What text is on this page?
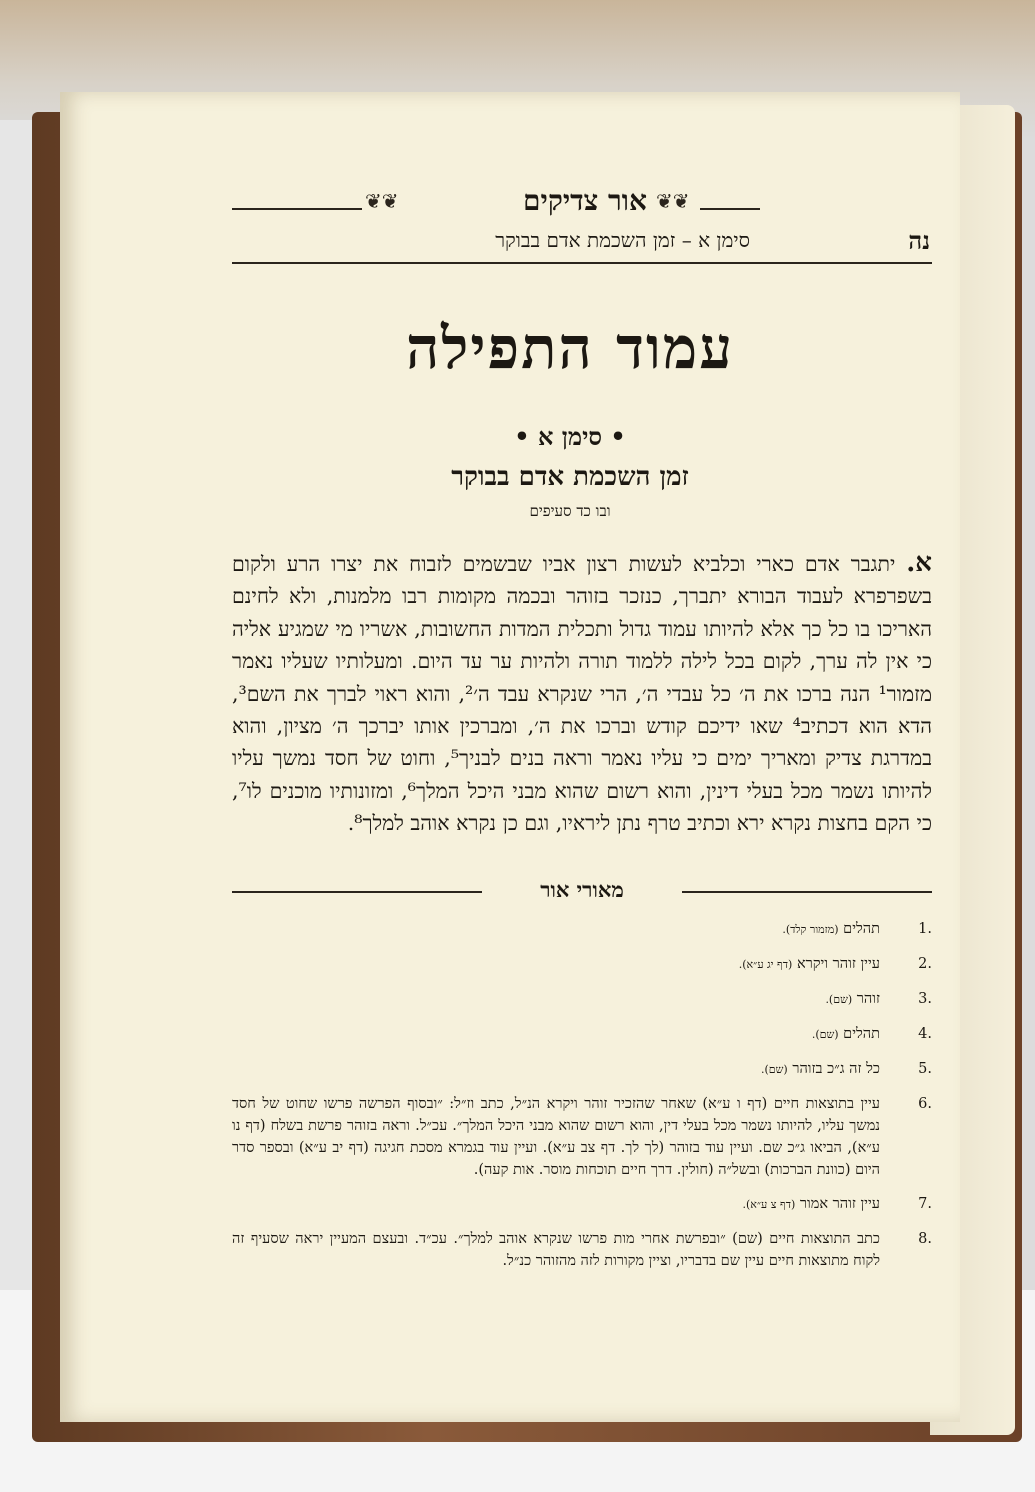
❦❦	אור צדיקים ❦❦
סימן א – זמן השכמת אדם בבוקר	נה
עמוד התפילה
• סימן א •
זמן השכמת אדם בבוקר
ובו כד סעיפים
א. יתגבר אדם כארי וכלביא לעשות רצון אביו שבשמים לזבוח את יצרו הרע ולקום בשפרפרא לעבוד הבורא יתברך, כנזכר בזוהר ובכמה מקומות רבו מלמנות, ולא לחינם האריכו בו כל כך אלא להיותו עמוד גדול ותכלית המדות החשובות, אשריו מי שמגיע אליה כי אין לה ערך, לקום בכל לילה ללמוד תורה ולהיות ער עד היום. ומעלותיו שעליו נאמר מזמור¹ הנה ברכו את ה׳ כל עבדי ה׳, הרי שנקרא עבד ה׳², והוא ראוי לברך את השם³, הדא הוא דכתיב⁴ שאו ידיכם קודש וברכו את ה׳, ומברכין אותו יברכך ה׳ מציון, והוא במדרגת צדיק ומאריך ימים כי עליו נאמר וראה בנים לבניך⁵, וחוט של חסד נמשך עליו להיותו נשמר מכל בעלי דינין, והוא רשום שהוא מבני היכל המלך⁶, ומזונותיו מוכנים לו⁷, כי הקם בחצות נקרא ירא וכתיב טרף נתן ליראיו, וגם כן נקרא אוהב למלך⁸.
מאורי אור
1.
תהלים (מזמור קלד).
2.
עיין זוהר ויקרא (דף יג ע״א).
3.
זוהר (שם).
4.
תהלים (שם).
5.
כל זה ג״כ בזוהר (שם).
6.
עיין בתוצאות חיים (דף ו ע״א) שאחר שהזכיר זוהר ויקרא הנ״ל, כתב וז״ל: ״ובסוף הפרשה פרשו שחוט של חסד נמשך עליו, להיותו נשמר מכל בעלי דין, והוא רשום שהוא מבני היכל המלך״. עכ״ל. וראה בזוהר פרשת בשלח (דף נו ע״א), הביאו ג״כ שם. ועיין עוד בזוהר (לך לך. דף צב ע״א). ועיין עוד בגמרא מסכת חגיגה (דף יב ע״א) ובספר סדר היום (כוונת הברכות) ובשל״ה (חולין. דרך חיים תוכחות מוסר. אות קעה).
7.
עיין זוהר אמור (דף צ ע״א).
8.
כתב התוצאות חיים (שם) ״ובפרשת אחרי מות פרשו שנקרא אוהב למלך״. עכ״ד. ובעצם המעיין יראה שסעיף זה לקוח מתוצאות חיים עיין שם בדבריו, וציין מקורות לזה מהזוהר כנ״ל.
